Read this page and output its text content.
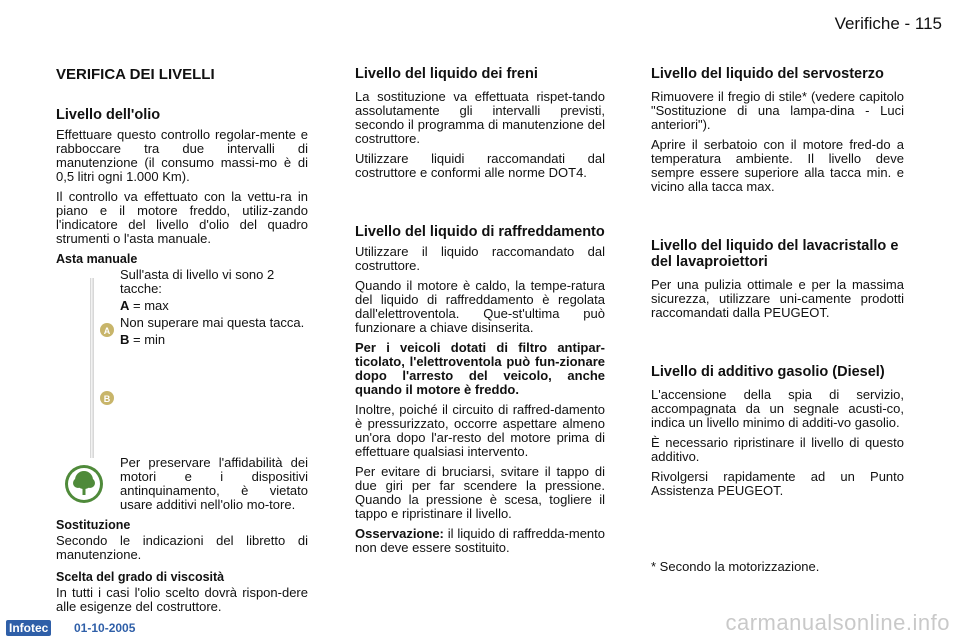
Verifiche - 115
VERIFICA DEI LIVELLI
Livello dell'olio

Effettuare questo controllo regolar-mente e rabboccare tra due intervalli di manutenzione (il consumo massi-mo è di 0,5 litri ogni 1.000 Km).

Il controllo va effettuato con la vettu-ra in piano e il motore freddo, utiliz-zando l'indicatore del livello d'olio del quadro strumenti o l'asta manuale.

Asta manuale
A
B

Sull'asta di livello vi sono 2 tacche:

A = max

Non superare mai questa tacca.

B = min

Per preservare l'affidabilità dei motori e i dispositivi antinquinamento, è vietato usare additivi nell'olio mo-tore.

Sostituzione

Secondo le indicazioni del libretto di manutenzione.

Scelta del grado di viscosità

In tutti i casi l'olio scelto dovrà rispon-dere alle esigenze del costruttore.

Livello del liquido dei freni

La sostituzione va effettuata rispet-tando assolutamente gli intervalli previsti, secondo il programma di manutenzione del costruttore.

Utilizzare liquidi raccomandati dal costruttore e conformi alle norme DOT4.

Livello del liquido di raffreddamento

Utilizzare il liquido raccomandato dal costruttore.

Quando il motore è caldo, la tempe-ratura del liquido di raffreddamento è regolata dall'elettroventola. Que-st'ultima può funzionare a chiave disinserita.

Per i veicoli dotati di filtro antipar-ticolato, l'elettroventola può fun-zionare dopo l'arresto del veicolo, anche quando il motore è freddo.

Inoltre, poiché il circuito di raffred-damento è pressurizzato, occorre aspettare almeno un'ora dopo l'ar-resto del motore prima di effettuare qualsiasi intervento.

Per evitare di bruciarsi, svitare il tappo di due giri per far scendere la pressione. Quando la pressione è scesa, togliere il tappo e ripristinare il livello.

Osservazione: il liquido di raffredda-mento non deve essere sostituito.

Livello del liquido del servosterzo

Rimuovere il fregio di stile* (vedere capitolo "Sostituzione di una lampa-dina - Luci anteriori").

Aprire il serbatoio con il motore fred-do a temperatura ambiente. Il livello deve sempre essere superiore alla tacca min. e vicino alla tacca max.

Livello del liquido del lavacristallo e del lavaproiettori

Per una pulizia ottimale e per la massima sicurezza, utilizzare uni-camente prodotti raccomandati dalla PEUGEOT.

Livello di additivo gasolio (Diesel)

L'accensione della spia di servizio, accompagnata da un segnale acusti-co, indica un livello minimo di additi-vo gasolio.

È necessario ripristinare il livello di questo additivo.

Rivolgersi rapidamente ad un Punto Assistenza PEUGEOT.

* Secondo la motorizzazione.

Infotec 01-10-2005	carmanualsonline.info
